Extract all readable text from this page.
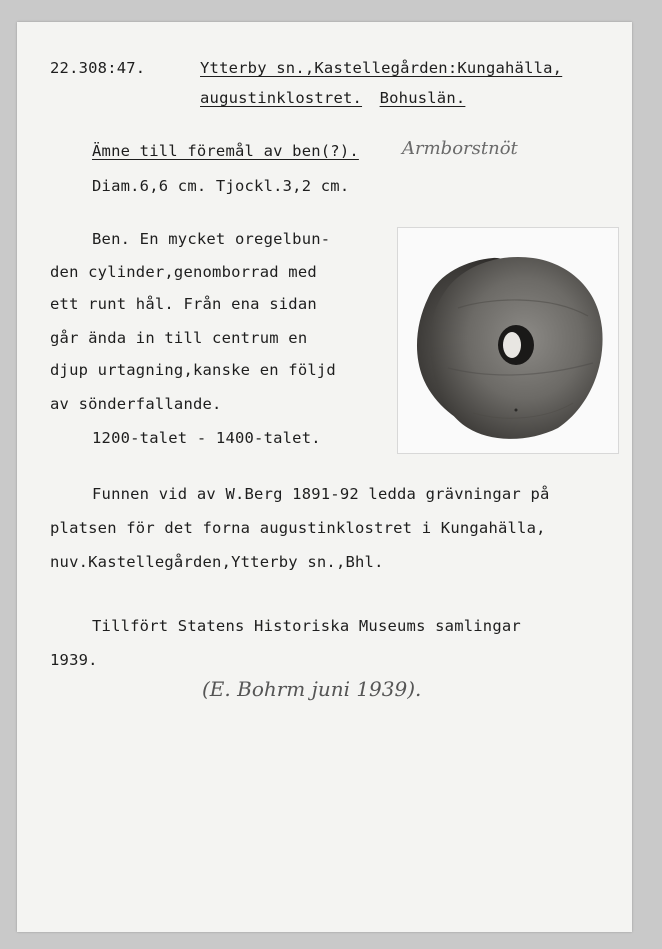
22.308:47.	Ytterby sn.,Kastellegården:Kungahälla,
augustinklostret. Bohuslän.
Ämne till föremål av ben(?). Armborstnöt
Diam.6,6 cm. Tjockl.3,2 cm.
Ben. En mycket oregelbun-
den cylinder,genomborrad med
ett runt hål. Från ena sidan
går ända in till centrum en
djup urtagning,kanske en följd
av sönderfallande.
1200-talet - 1400-talet.
Funnen vid av W.Berg 1891-92 ledda grävningar på
platsen för det forna augustinklostret i Kungahälla,
nuv.Kastellegården,Ytterby sn.,Bhl.
Tillfört Statens Historiska Museums samlingar
1939.
(E. Bohrm juni 1939).
